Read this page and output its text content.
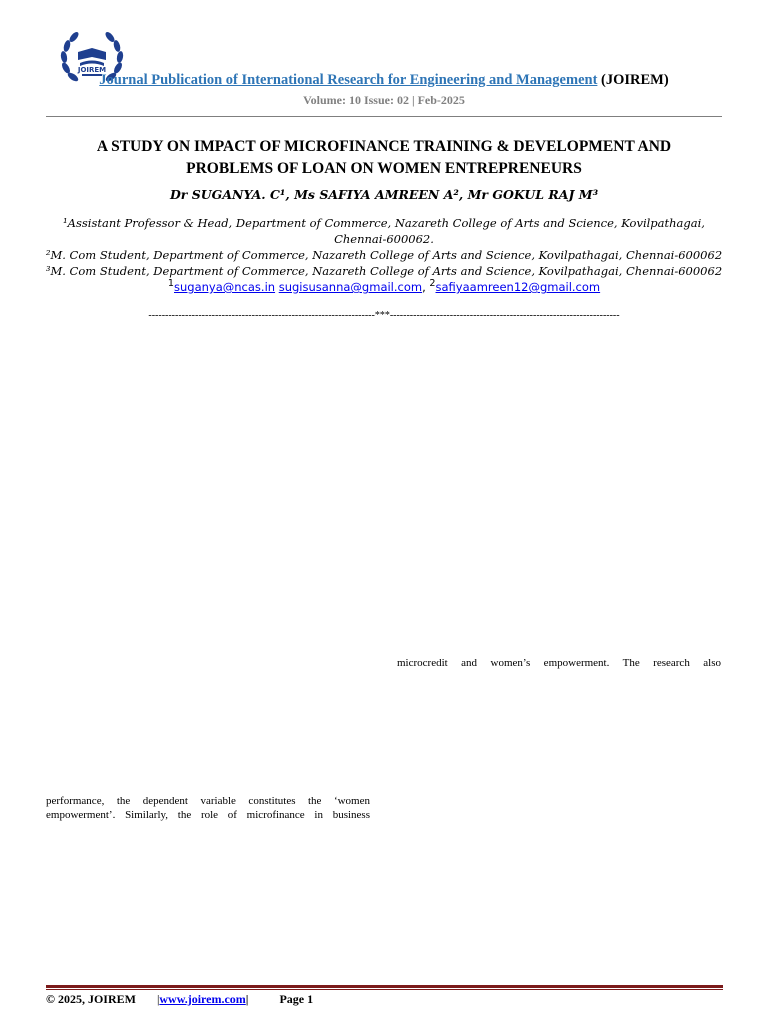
JOIREM
Journal Publication of International Research for Engineering and Management (JOIREM)
Volume: 10 Issue: 02 | Feb-2025
A STUDY ON IMPACT OF MICROFINANCE TRAINING & DEVELOPMENT AND
PROBLEMS OF LOAN ON WOMEN ENTREPRENEURS
Dr SUGANYA. C¹, Ms SAFIYA AMREEN A², Mr GOKUL RAJ M³
¹Assistant Professor & Head, Department of Commerce, Nazareth College of Arts and Science, Kovilpathagai,
Chennai-600062.
²M. Com Student, Department of Commerce, Nazareth College of Arts and Science, Kovilpathagai, Chennai-600062
³M. Com Student, Department of Commerce, Nazareth College of Arts and Science, Kovilpathagai, Chennai-600062
$^1$suganya@ncas.in sugisusanna@gmail.com, $^2$safiyaamreen12@gmail.com
--------------------------------------------------------------------***---------------------------------------------------------------------
microcredit and women’s empowerment. The research also
performance, the dependent variable constitutes the ‘women
empowerment’. Similarly, the role of microfinance in business
© 2025, JOIREM |www.joirem.com|	Page 1
